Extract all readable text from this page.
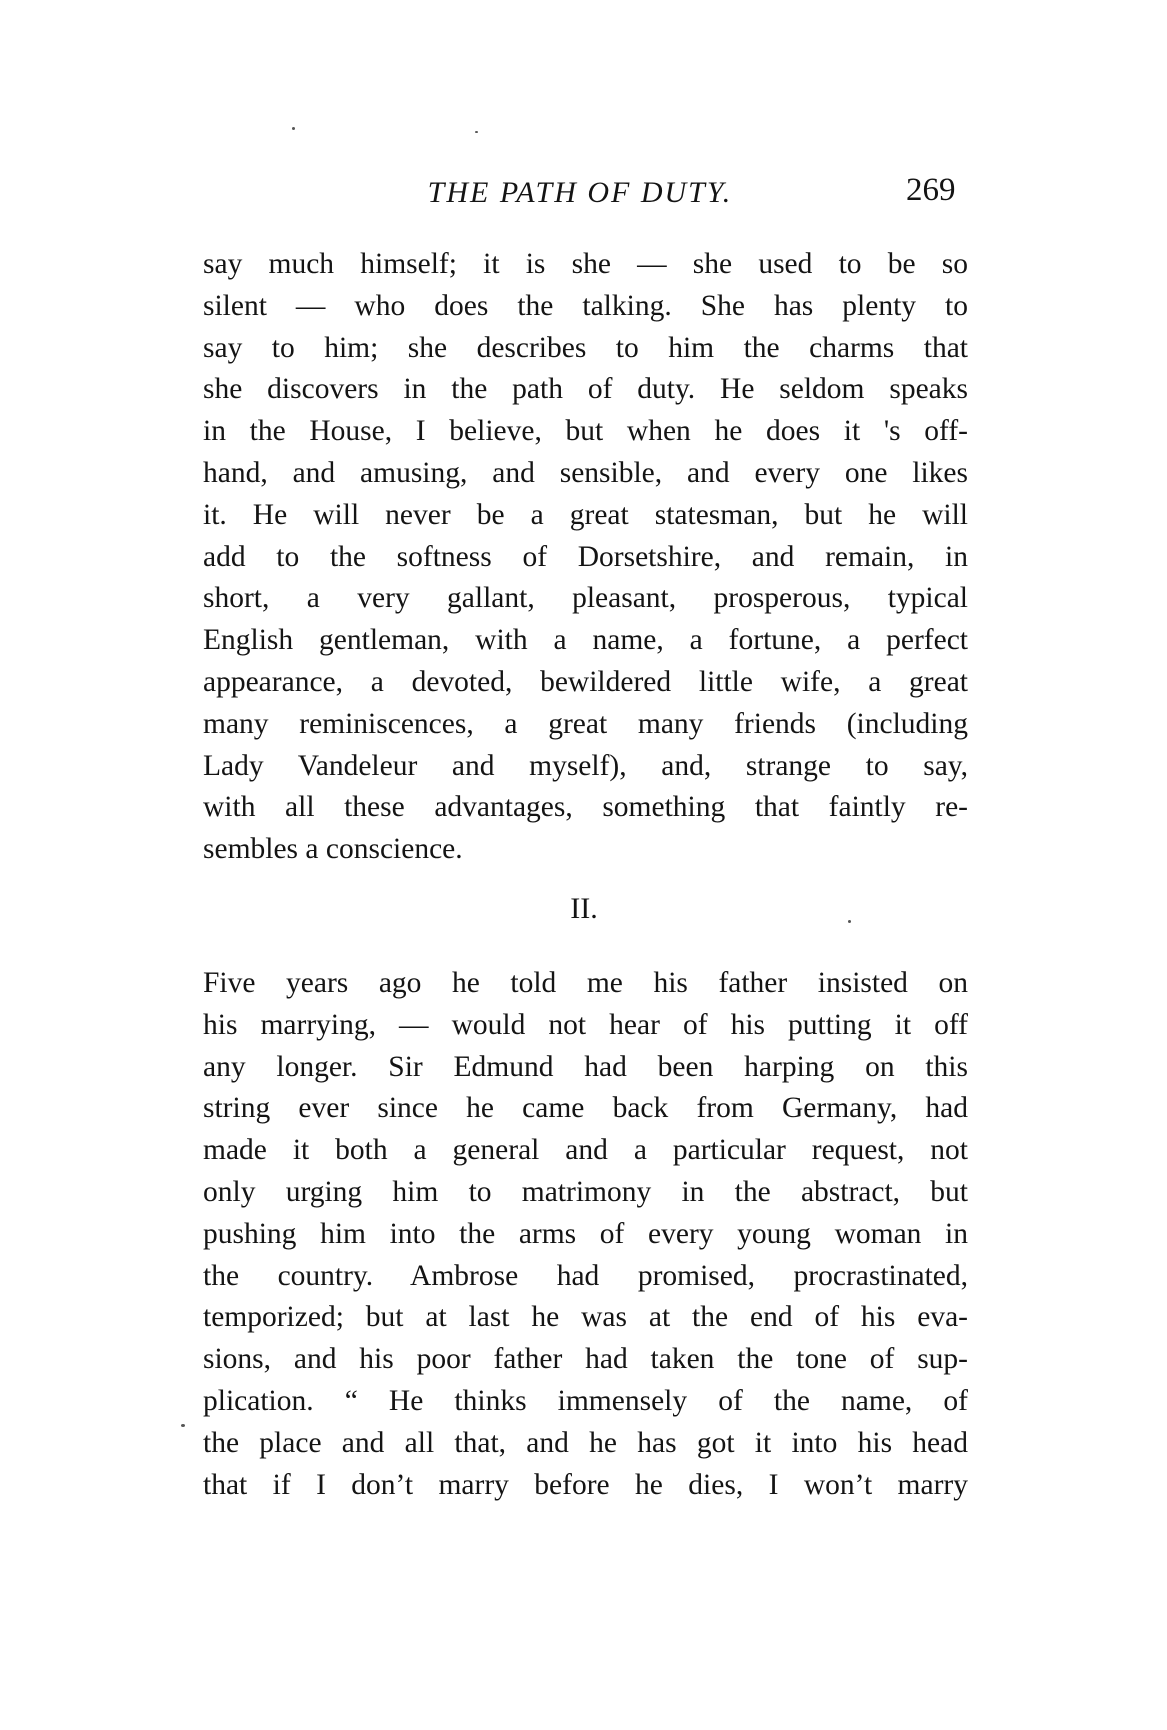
THE PATH OF DUTY.	269
say much himself; it is she — she used to be so
silent — who does the talking. She has plenty to
say to him; she describes to him the charms that
she discovers in the path of duty. He seldom speaks
in the House, I believe, but when he does it 's off-
hand, and amusing, and sensible, and every one likes
it. He will never be a great statesman, but he will
add to the softness of Dorsetshire, and remain, in
short, a very gallant, pleasant, prosperous, typical
English gentleman, with a name, a fortune, a perfect
appearance, a devoted, bewildered little wife, a great
many reminiscences, a great many friends (including
Lady Vandeleur and myself), and, strange to say,
with all these advantages, something that faintly re-
sembles a conscience.
II.
Five years ago he told me his father insisted on
his marrying, — would not hear of his putting it off
any longer. Sir Edmund had been harping on this
string ever since he came back from Germany, had
made it both a general and a particular request, not
only urging him to matrimony in the abstract, but
pushing him into the arms of every young woman in
the country. Ambrose had promised, procrastinated,
temporized; but at last he was at the end of his eva-
sions, and his poor father had taken the tone of sup-
plication. “ He thinks immensely of the name, of
the place and all that, and he has got it into his head
that if I don’t marry before he dies, I won’t marry
